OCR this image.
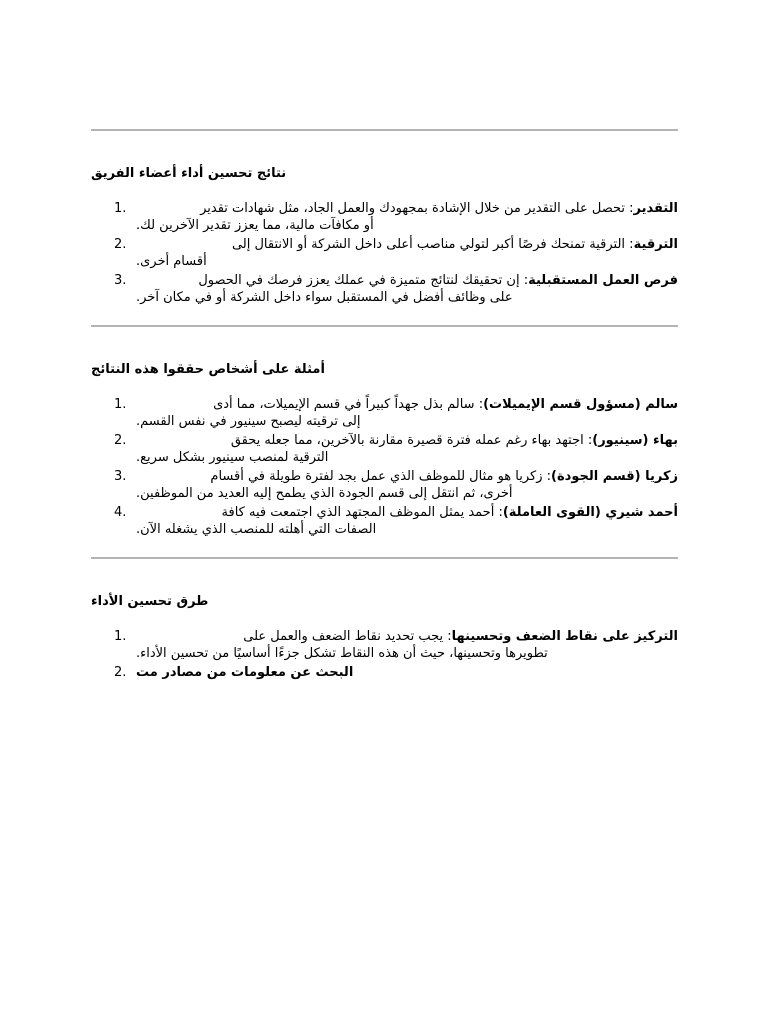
نتائج تحسين أداء أعضاء الفريق
1.	التقدير: تحصل على التقدير من خلال الإشادة بمجهودك والعمل الجاد، مثل شهادات تقدير
أو مكافآت مالية، مما يعزز تقدير الآخرين لك.
2.	الترقية: الترقية تمنحك فرصًا أكبر لتولي مناصب أعلى داخل الشركة أو الانتقال إلى
أقسام أخرى.
3.	فرص العمل المستقبلية: إن تحقيقك لنتائج متميزة في عملك يعزز فرصك في الحصول
على وظائف أفضل في المستقبل سواء داخل الشركة أو في مكان آخر.
أمثلة على أشخاص حققوا هذه النتائج
1.	سالم (مسؤول قسم الإيميلات): سالم بذل جهداً كبيراً في قسم الإيميلات، مما أدى
إلى ترقيته ليصبح سينيور في نفس القسم.
2.	بهاء (سينيور): اجتهد بهاء رغم عمله فترة قصيرة مقارنة بالآخرين، مما جعله يحقق
الترقية لمنصب سينيور بشكل سريع.
3.	زكريا (قسم الجودة): زكريا هو مثال للموظف الذي عمل بجد لفترة طويلة في أقسام
أخرى، ثم انتقل إلى قسم الجودة الذي يطمح إليه العديد من الموظفين.
4.	أحمد شيري (القوى العاملة): أحمد يمثل الموظف المجتهد الذي اجتمعت فيه كافة
الصفات التي أهلته للمنصب الذي يشغله الآن.
طرق تحسين الأداء
1.	التركيز على نقاط الضعف وتحسينها: يجب تحديد نقاط الضعف والعمل على
تطويرها وتحسينها، حيث أن هذه النقاط تشكل جزءًا أساسيًا من تحسين الأداء.
2. البحث عن معلومات من مصادر مت
